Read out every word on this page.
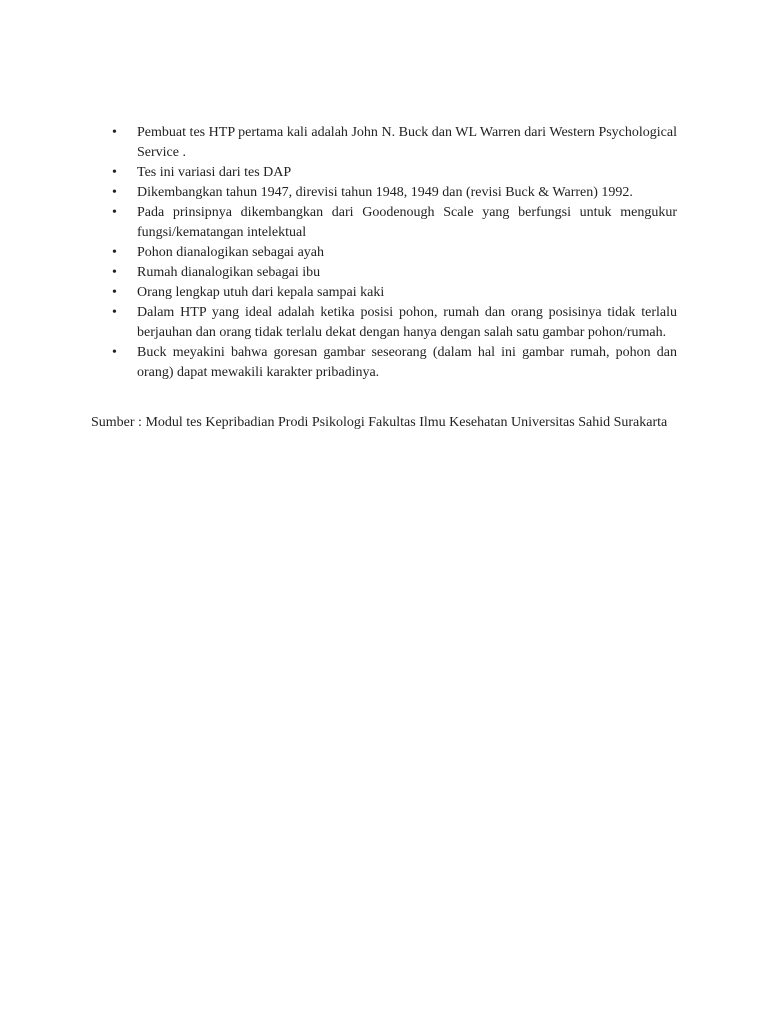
• Pembuat tes HTP pertama kali adalah John N. Buck dan WL Warren dari Western Psychological Service .
• Tes ini variasi dari tes DAP
• Dikembangkan tahun 1947, direvisi tahun 1948, 1949 dan (revisi Buck & Warren) 1992.
• Pada prinsipnya dikembangkan dari Goodenough Scale yang berfungsi untuk mengukur fungsi/kematangan intelektual
• Pohon dianalogikan sebagai ayah
• Rumah dianalogikan sebagai ibu
• Orang lengkap utuh dari kepala sampai kaki
• Dalam HTP yang ideal adalah ketika posisi pohon, rumah dan orang posisinya tidak terlalu berjauhan dan orang tidak terlalu dekat dengan hanya dengan salah satu gambar pohon/rumah.
• Buck meyakini bahwa goresan gambar seseorang (dalam hal ini gambar rumah, pohon dan orang) dapat mewakili karakter pribadinya.

Sumber : Modul tes Kepribadian Prodi Psikologi Fakultas Ilmu Kesehatan Universitas Sahid Surakarta
